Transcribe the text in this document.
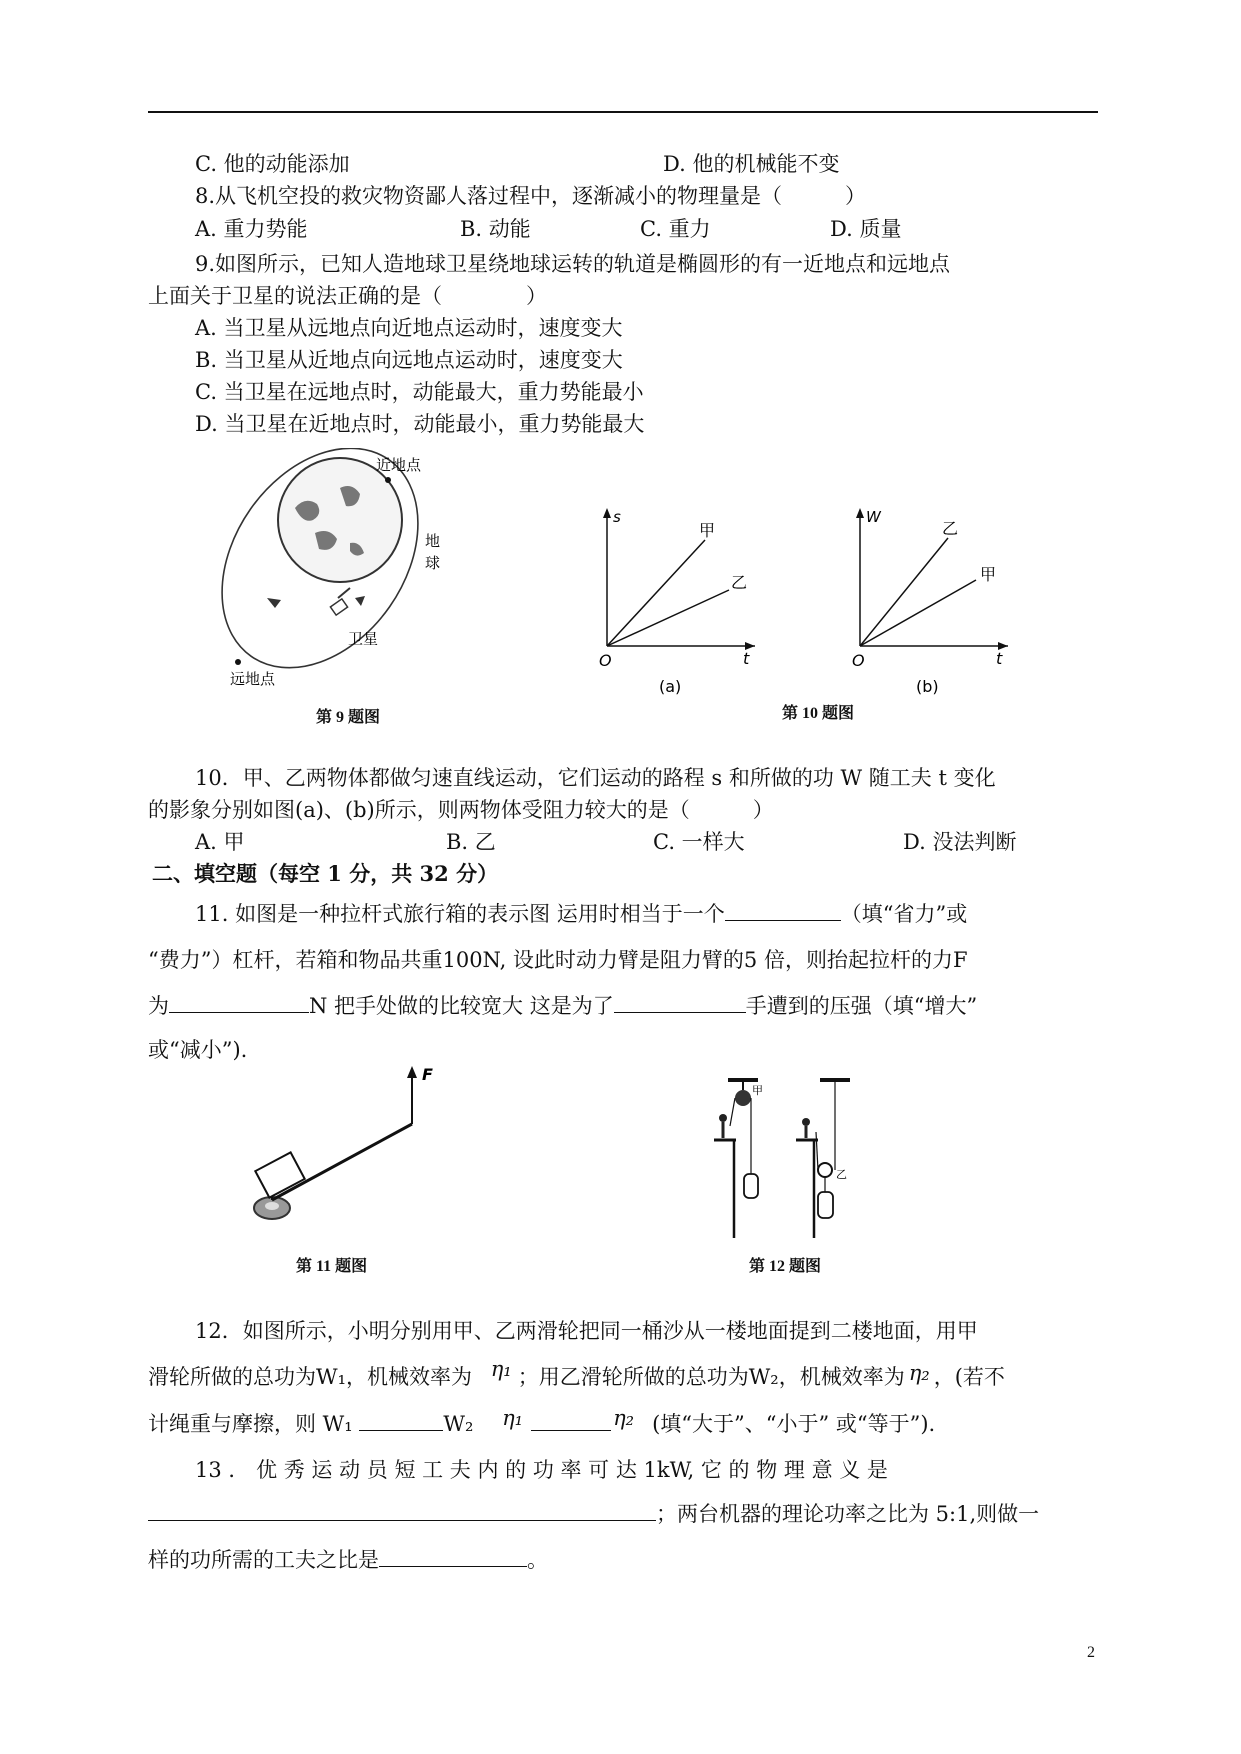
C. 他的动能添加	D. 他的机械能不变
8.从飞机空投的救灾物资鄙人落过程中，逐渐减小的物理量是（　　　）
A. 重力势能	B. 动能	C. 重力	D. 质量
9.如图所示，已知人造地球卫星绕地球运转的轨道是椭圆形的有一近地点和远地点
上面关于卫星的说法正确的是（　　　　）
A. 当卫星从远地点向近地点运动时，速度变大
B. 当卫星从近地点向远地点运动时，速度变大
C. 当卫星在远地点时，动能最大，重力势能最小
D. 当卫星在近地点时，动能最小，重力势能最大
近地点
远地点
地
球
卫星
第 9 题图
s
t
O
甲
乙
(a)
W
t
O
乙
甲
(b)
第 10 题图
10．甲、乙两物体都做匀速直线运动，它们运动的路程 s 和所做的功 W 随工夫 t 变化
的影象分别如图(a)、(b)所示，则两物体受阻力较大的是（　　　）
A. 甲	B. 乙	C. 一样大	D. 没法判断
二、填空题（每空 1 分，共 32 分）
11. 如图是一种拉杆式旅行箱的表示图 运用时相当于一个	（填“省力”或
“费力”）杠杆，若箱和物品共重100N, 设此时动力臂是阻力臂的5 倍，则抬起拉杆的力F
为	N 把手处做的比较宽大 这是为了	手遭到的压强（填“增大”
或“减小”).
F
第 11 题图
甲
乙
第 12 题图
12．如图所示，小明分别用甲、乙两滑轮把同一桶沙从一楼地面提到二楼地面，用甲
滑轮所做的总功为W₁，机械效率为 η₁ ；用乙滑轮所做的总功为W₂，机械效率为 η₂ ，(若不
计绳重与摩擦，则 W₁	W₂ η₁	η₂ (填“大于”、“小于” 或“等于”).
13 ． 优 秀 运 动 员 短 工 夫 内 的 功 率 可 达 1kW, 它 的 物 理 意 义 是
；两台机器的理论功率之比为 5:1,则做一
样的功所需的工夫之比是	。
2
